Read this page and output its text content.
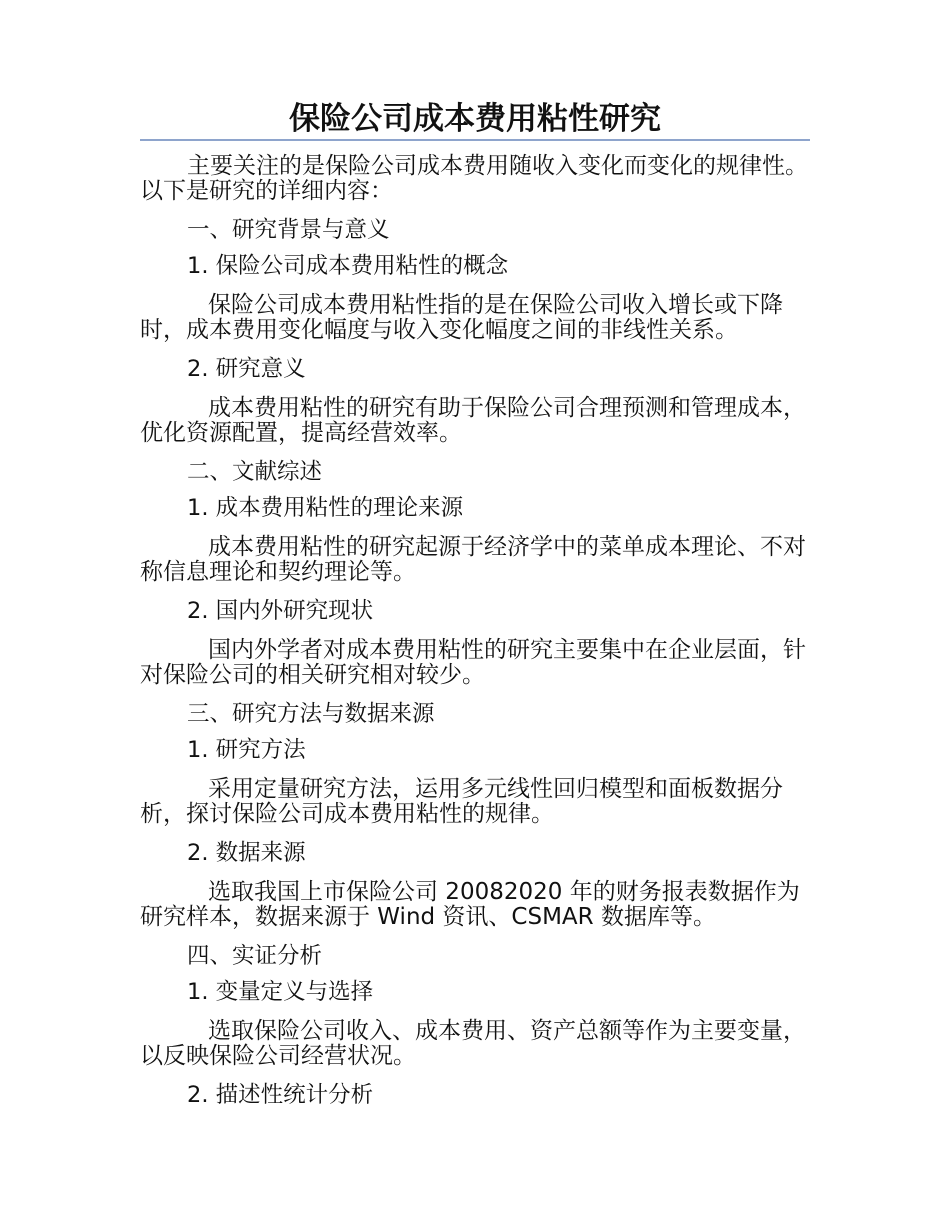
保险公司成本费用粘性研究

主要关注的是保险公司成本费用随收入变化而变化的规律性。以下是研究的详细内容：

一、研究背景与意义

1. 保险公司成本费用粘性的概念

保险公司成本费用粘性指的是在保险公司收入增长或下降时，成本费用变化幅度与收入变化幅度之间的非线性关系。

2. 研究意义

成本费用粘性的研究有助于保险公司合理预测和管理成本，优化资源配置，提高经营效率。

二、文献综述

1. 成本费用粘性的理论来源

成本费用粘性的研究起源于经济学中的菜单成本理论、不对称信息理论和契约理论等。

2. 国内外研究现状

国内外学者对成本费用粘性的研究主要集中在企业层面，针对保险公司的相关研究相对较少。

三、研究方法与数据来源

1. 研究方法

采用定量研究方法，运用多元线性回归模型和面板数据分析，探讨保险公司成本费用粘性的规律。

2. 数据来源

选取我国上市保险公司 20082020 年的财务报表数据作为研究样本，数据来源于 Wind 资讯、CSMAR 数据库等。

四、实证分析

1. 变量定义与选择

选取保险公司收入、成本费用、资产总额等作为主要变量，以反映保险公司经营状况。

2. 描述性统计分析
